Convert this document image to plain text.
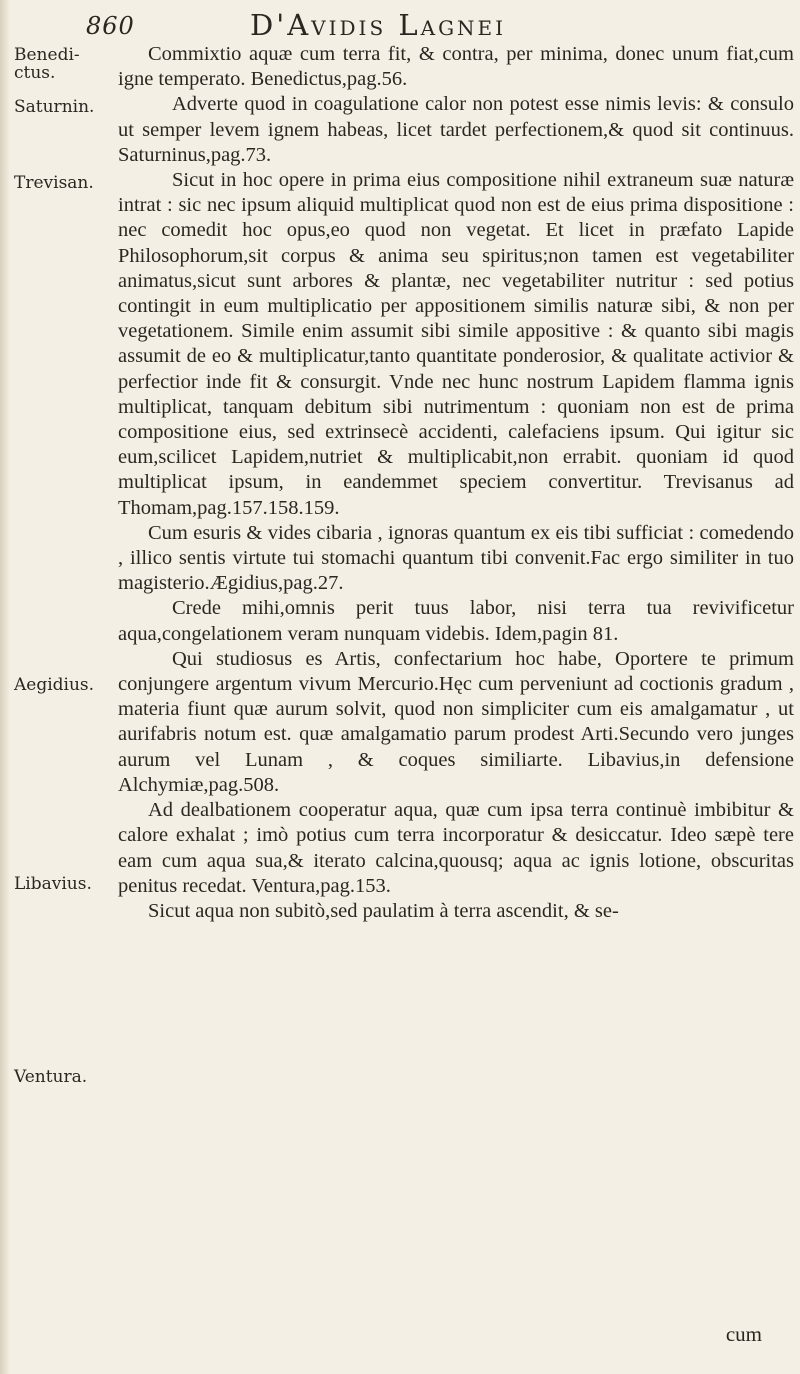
860	D'Avidis Lagnei
Benedi-ctus.
Saturnin.
Trevisan.
Aegidius.
Libavius.
Ventura.

Commixtio aquæ cum terra fit, & contra, per minima, donec unum fiat,cum igne temperato. Benedictus,pag.56.

Adverte quod in coagulatione calor non potest esse nimis levis: & consulo ut semper levem ignem habeas, licet tardet perfectionem,& quod sit continuus. Saturninus,pag.73.

Sicut in hoc opere in prima eius compositione nihil extraneum suæ naturæ intrat : sic nec ipsum aliquid multiplicat quod non est de eius prima dispositione : nec comedit hoc opus,eo quod non vegetat. Et licet in præfato Lapide Philosophorum,sit corpus & anima seu spiritus;non tamen est vegetabiliter animatus,sicut sunt arbores & plantæ, nec vegetabiliter nutritur : sed potius contingit in eum multiplicatio per appositionem similis naturæ sibi, & non per vegetationem. Simile enim assumit sibi simile appositive : & quanto sibi magis assumit de eo & multiplicatur,tanto quantitate ponderosior, & qualitate activior & perfectior inde fit & consurgit. Vnde nec hunc nostrum Lapidem flamma ignis multiplicat, tanquam debitum sibi nutrimentum : quoniam non est de prima compositione eius, sed extrinsecè accidenti, calefaciens ipsum. Qui igitur sic eum,scilicet Lapidem,nutriet & multiplicabit,non errabit. quoniam id quod multiplicat ipsum, in eandemmet speciem convertitur. Trevisanus ad Thomam,pag.157.158.159.

Cum esuris & vides cibaria , ignoras quantum ex eis tibi sufficiat : comedendo , illico sentis virtute tui stomachi quantum tibi convenit.Fac ergo similiter in tuo magisterio.Ægidius,pag.27.

Crede mihi,omnis perit tuus labor, nisi terra tua revivificetur aqua,congelationem veram nunquam videbis. Idem,pagin 81.

Qui studiosus es Artis, confectarium hoc habe, Oportere te primum conjungere argentum vivum Mercurio.Hęc cum perveniunt ad coctionis gradum , materia fiunt quæ aurum solvit, quod non simpliciter cum eis amalgamatur , ut aurifabris notum est. quæ amalgamatio parum prodest Arti.Secundo vero junges aurum vel Lunam , & coques similiarte. Libavius,in defensione Alchymiæ,pag.508.

Ad dealbationem cooperatur aqua, quæ cum ipsa terra continuè imbibitur & calore exhalat ; imò potius cum terra incorporatur & desiccatur. Ideo sæpè tere eam cum aqua sua,& iterato calcina,quousq; aqua ac ignis lotione, obscuritas penitus recedat. Ventura,pag.153.

Sicut aqua non subitò,sed paulatim à terra ascendit, & se-

cum
